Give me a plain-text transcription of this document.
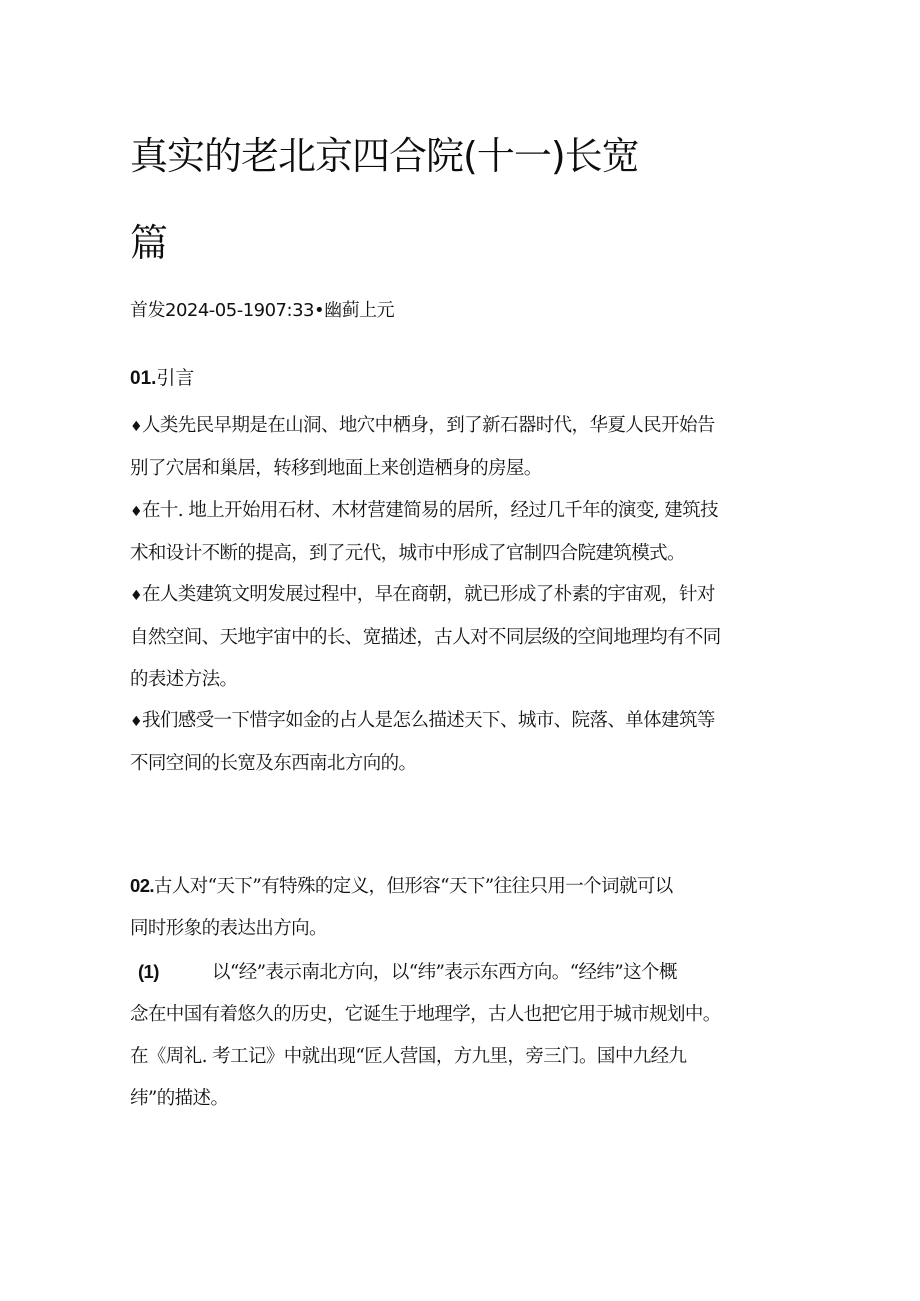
真实的老北京四合院(十一)长宽
篇
首发2024-05-1907:33•幽蓟上元
01.引言
♦人类先民早期是在山洞、地穴中栖身，到了新石器时代，华夏人民开始告
别了穴居和巢居，转移到地面上来创造栖身的房屋。
♦在十. 地上开始用石材、木材营建简易的居所，经过几千年的演变, 建筑技
术和设计不断的提高，到了元代，城市中形成了官制四合院建筑模式。
♦在人类建筑文明发展过程中，早在商朝，就已形成了朴素的宇宙观，针对
自然空间、天地宇宙中的长、宽描述，古人对不同层级的空间地理均有不同
的表述方法。
♦我们感受一下惜字如金的占人是怎么描述天下、城市、院落、单体建筑等
不同空间的长宽及东西南北方向的。
02.古人对“天下”有特殊的定义，但形容“天下”往往只用一个词就可以
同时形象的表达出方向。
(1)	以“经”表示南北方向，以“纬”表示东西方向。“经纬”这个概
念在中国有着悠久的历史，它诞生于地理学，古人也把它用于城市规划中。
在《周礼. 考工记》中就出现“匠人营国，方九里，旁三门。国中九经九
纬”的描述。
